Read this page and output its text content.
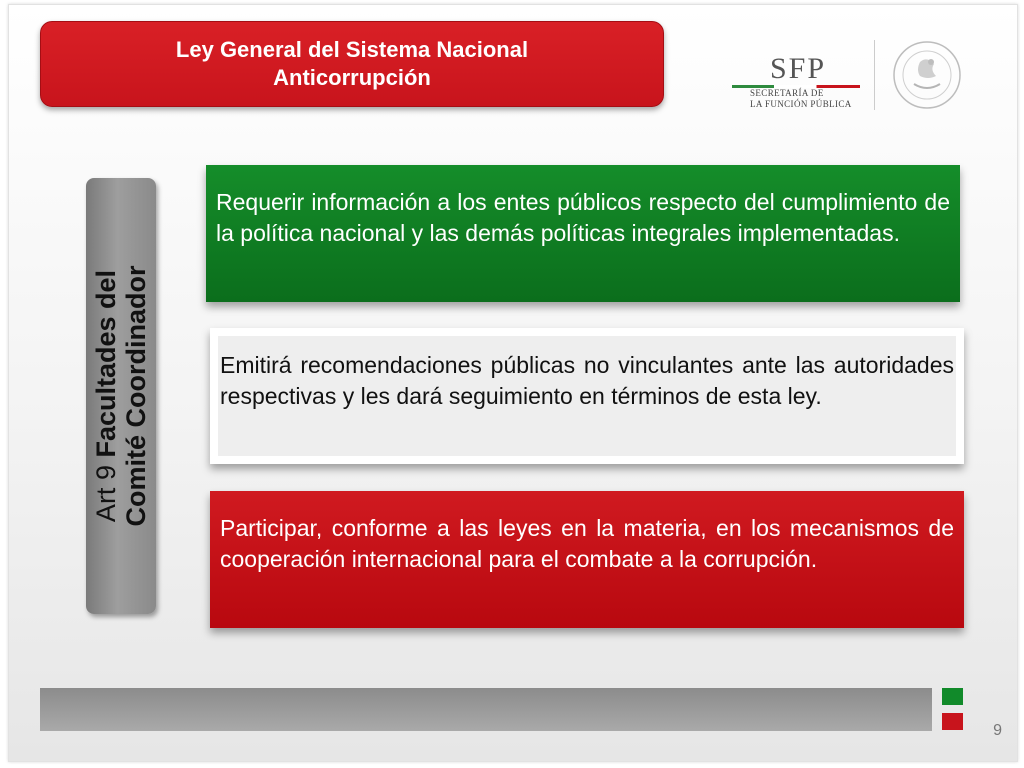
Ley General del Sistema Nacional
Anticorrupción	SFP
SECRETARÍA DE
LA FUNCIÓN PÚBLICA
Art 9 Facultades del Comité Coordinador
Requerir información a los entes públicos respecto del cumplimiento de la política nacional y las demás políticas integrales implementadas.
Emitirá recomendaciones públicas no vinculantes ante las autoridades respectivas y les dará seguimiento en términos de esta ley.
Participar, conforme a las leyes en la materia, en los mecanismos de cooperación internacional para el combate a la corrupción.
9
